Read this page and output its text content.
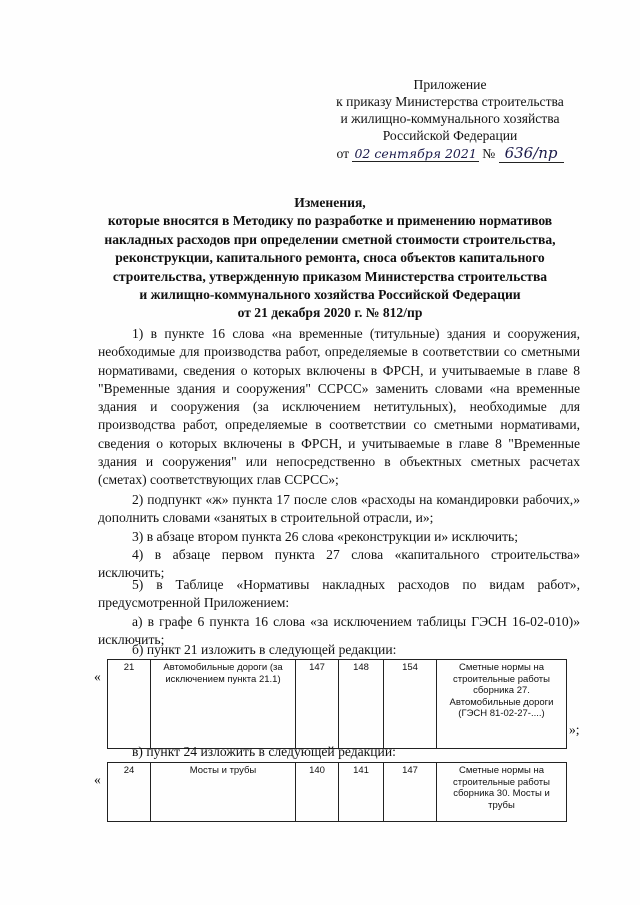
Приложение
к приказу Министерства строительства
и жилищно-коммунального хозяйства
Российской Федерации
от 02 сентября 2021 № 636/пр
Изменения,
которые вносятся в Методику по разработке и применению нормативов
накладных расходов при определении сметной стоимости строительства,
реконструкции, капитального ремонта, сноса объектов капитального
строительства, утвержденную приказом Министерства строительства
и жилищно-коммунального хозяйства Российской Федерации
от 21 декабря 2020 г. № 812/пр
1) в пункте 16 слова «на временные (титульные) здания и сооружения, необходимые для производства работ, определяемые в соответствии со сметными нормативами, сведения о которых включены в ФРСН, и учитываемые в главе 8 "Временные здания и сооружения" ССРСС» заменить словами «на временные здания и сооружения (за исключением нетитульных), необходимые для производства работ, определяемые в соответствии со сметными нормативами, сведения о которых включены в ФРСН, и учитываемые в главе 8 "Временные здания и сооружения" или непосредственно в объектных сметных расчетах (сметах) соответствующих глав ССРСС»;
2) подпункт «ж» пункта 17 после слов «расходы на командировки рабочих,» дополнить словами «занятых в строительной отрасли, и»;
3) в абзаце втором пункта 26 слова «реконструкции и» исключить;
4) в абзаце первом пункта 27 слова «капитального строительства» исключить;
5) в Таблице «Нормативы накладных расходов по видам работ», предусмотренной Приложением:
а) в графе 6 пункта 16 слова «за исключением таблицы ГЭСН 16-02-010)» исключить;
б) пункт 21 изложить в следующей редакции:
«
21	Автомобильные дороги (за исключением пункта 21.1)	147	148	154	Сметные нормы на строительные работы сборника 27. Автомобильные дороги (ГЭСН 81-02-27-....)
»;
в) пункт 24 изложить в следующей редакции:
«
24	Мосты и трубы	140	141	147	Сметные нормы на строительные работы сборника 30. Мосты и трубы
